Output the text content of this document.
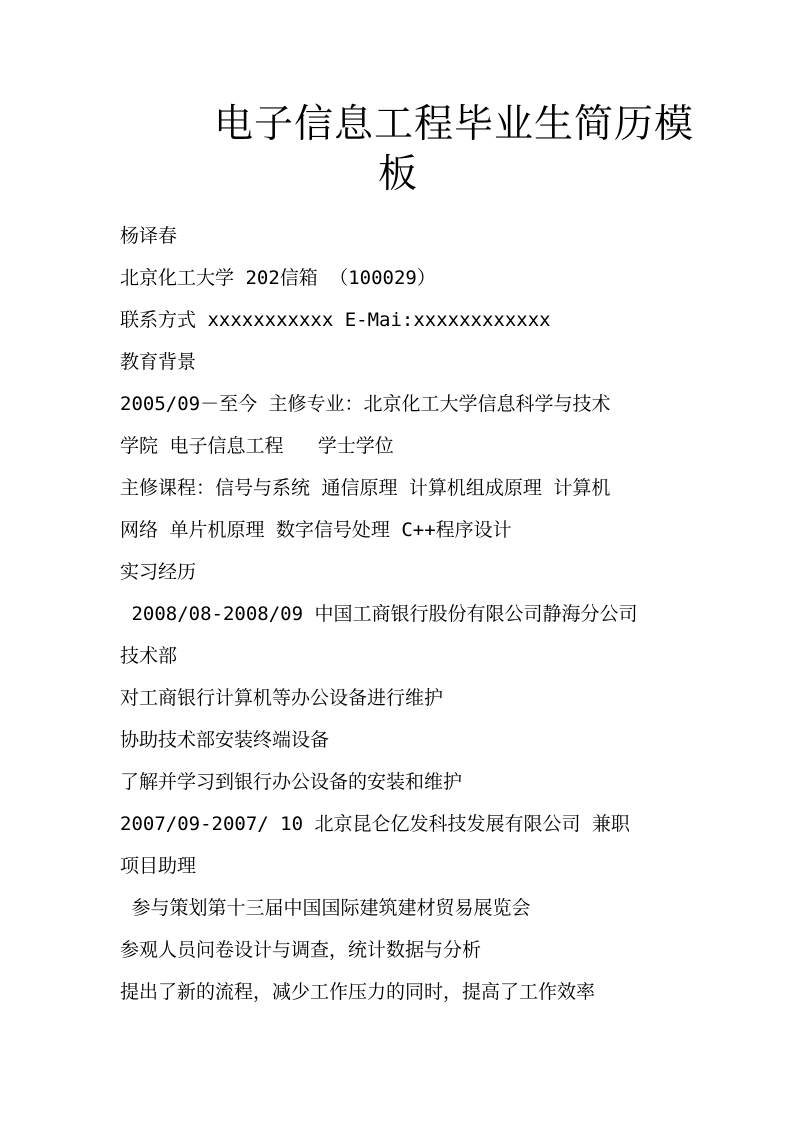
电子信息工程毕业生简历模
板
杨译春
北京化工大学 202信箱 （100029）
联系方式 xxxxxxxxxxx E-Mai:xxxxxxxxxxxx
教育背景
2005/09－至今 主修专业：北京化工大学信息科学与技术
学院 电子信息工程   学士学位
主修课程：信号与系统 通信原理 计算机组成原理 计算机
网络 单片机原理 数字信号处理 C++程序设计
实习经历
2008/08-2008/09 中国工商银行股份有限公司静海分公司
技术部
对工商银行计算机等办公设备进行维护
协助技术部安装终端设备
了解并学习到银行办公设备的安装和维护
2007/09-2007/ 10 北京昆仑亿发科技发展有限公司 兼职
项目助理
参与策划第十三届中国国际建筑建材贸易展览会
参观人员问卷设计与调查，统计数据与分析
提出了新的流程，减少工作压力的同时，提高了工作效率
